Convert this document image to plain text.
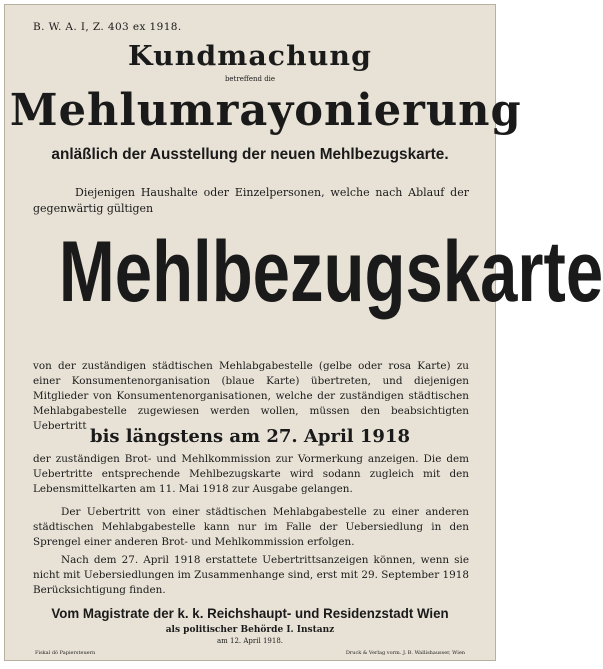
B. W. A. I, Z. 403 ex 1918.
Kundmachung
betreffend die
Mehlumrayonierung
anläßlich der Ausstellung der neuen Mehlbezugskarte.
Diejenigen Haushalte oder Einzelpersonen, welche nach Ablauf der gegenwärtig gültigen
Mehlbezugskarte
von der zuständigen städtischen Mehlabgabestelle (gelbe oder rosa Karte) zu einer Konsumentenorganisation (blaue Karte) übertreten, und diejenigen Mitglieder von Konsumentenorganisationen, welche der zuständigen städtischen Mehlabgabestelle zugewiesen werden wollen, müssen den beabsichtigten Uebertritt bis längstens am 27. April 1918
der zuständigen Brot- und Mehlkommission zur Vormerkung anzeigen. Die dem Uebertritte entsprechende Mehlbezugskarte wird sodann zugleich mit den Lebensmittelkarten am 11. Mai 1918 zur Ausgabe gelangen.
Der Uebertritt von einer städtischen Mehlabgabestelle zu einer anderen städtischen Mehlabgabestelle kann nur im Falle der Uebersiedlung in den Sprengel einer anderen Brot- und Mehlkommission erfolgen.
Nach dem 27. April 1918 erstattete Uebertrittsanzeigen können, wenn sie nicht mit Uebersiedlungen im Zusammenhange sind, erst mit 29. September 1918 Berücksichtigung finden.
Vom Magistrate der k. k. Reichshaupt- und Residenzstadt Wien
als politischer Behörde I. Instanz
am 12. April 1918.
Fiskal dö Papiersteuern	Druck & Verlag vorm. J. B. Wallishausser, Wien
